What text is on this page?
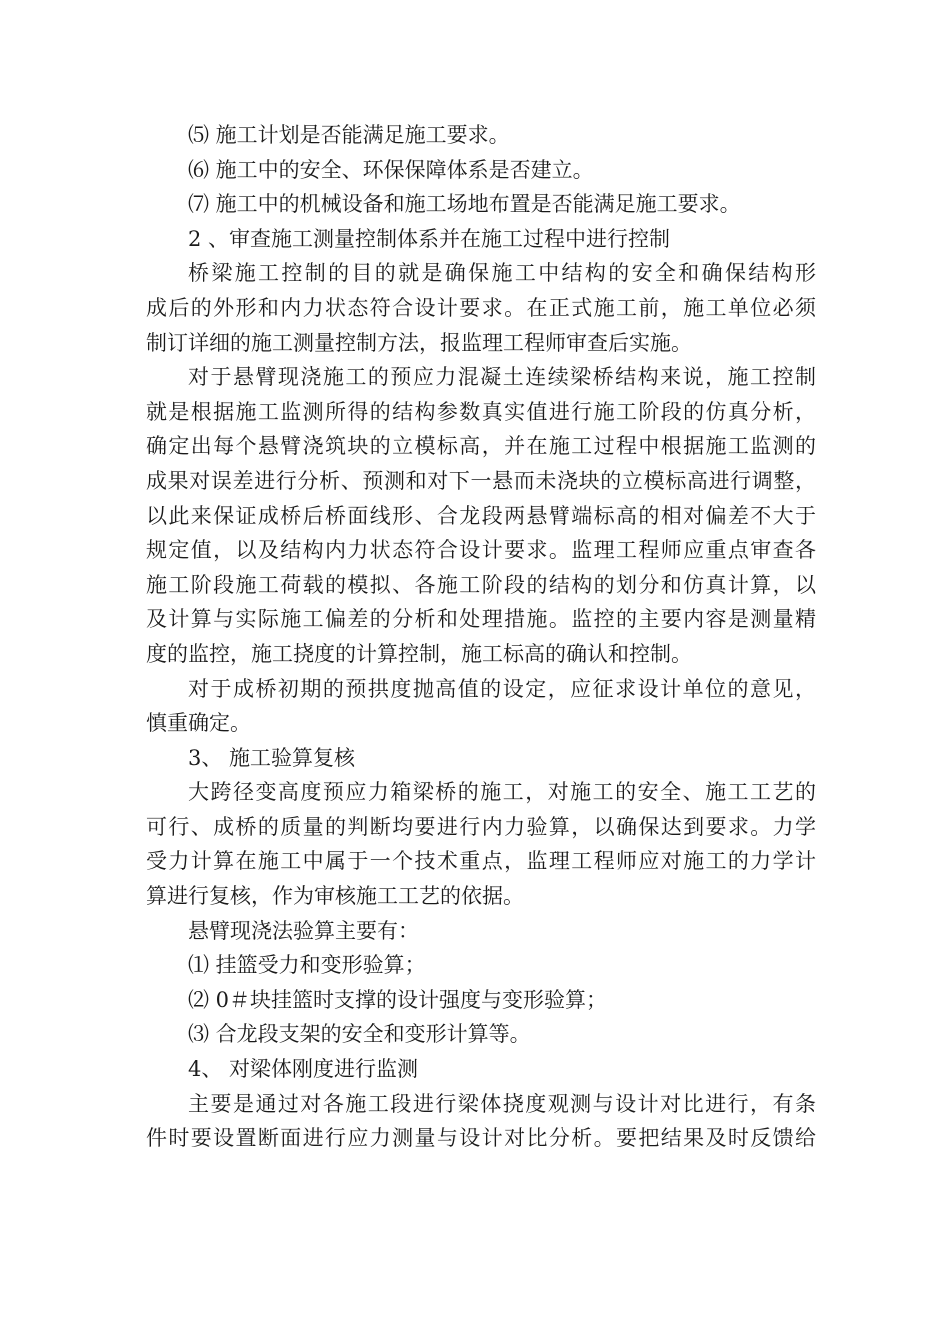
⑸ 施工计划是否能满足施工要求。
⑹ 施工中的安全、环保保障体系是否建立。
⑺ 施工中的机械设备和施工场地布置是否能满足施工要求。
2 、审查施工测量控制体系并在施工过程中进行控制
桥梁施工控制的目的就是确保施工中结构的安全和确保结构形
成后的外形和内力状态符合设计要求。在正式施工前，施工单位必须
制订详细的施工测量控制方法，报监理工程师审查后实施。
对于悬臂现浇施工的预应力混凝土连续梁桥结构来说，施工控制
就是根据施工监测所得的结构参数真实值进行施工阶段的仿真分析，
确定出每个悬臂浇筑块的立模标高，并在施工过程中根据施工监测的
成果对误差进行分析、预测和对下一悬而未浇块的立模标高进行调整，
以此来保证成桥后桥面线形、合龙段两悬臂端标高的相对偏差不大于
规定值，以及结构内力状态符合设计要求。监理工程师应重点审查各
施工阶段施工荷载的模拟、各施工阶段的结构的划分和仿真计算，以
及计算与实际施工偏差的分析和处理措施。监控的主要内容是测量精
度的监控，施工挠度的计算控制，施工标高的确认和控制。
对于成桥初期的预拱度抛高值的设定，应征求设计单位的意见，
慎重确定。
3、 施工验算复核
大跨径变高度预应力箱梁桥的施工，对施工的安全、施工工艺的
可行、成桥的质量的判断均要进行内力验算，以确保达到要求。力学
受力计算在施工中属于一个技术重点，监理工程师应对施工的力学计
算进行复核，作为审核施工工艺的依据。
悬臂现浇法验算主要有：
⑴ 挂篮受力和变形验算；
⑵ 0＃块挂篮时支撑的设计强度与变形验算；
⑶ 合龙段支架的安全和变形计算等。
4、 对梁体刚度进行监测
主要是通过对各施工段进行梁体挠度观测与设计对比进行，有条
件时要设置断面进行应力测量与设计对比分析。要把结果及时反馈给
